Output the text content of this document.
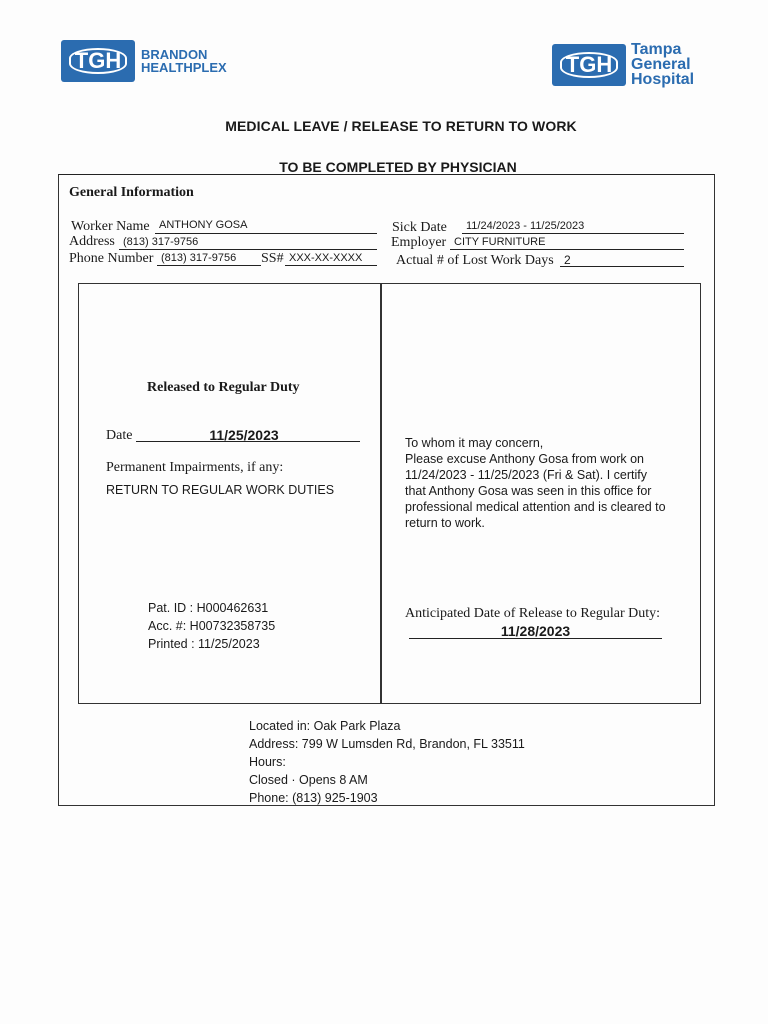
TGH	BRANDON
HEALTHPLEX	TGH
Tampa
General
Hospital
MEDICAL LEAVE / RELEASE TO RETURN TO WORK
TO BE COMPLETED BY PHYSICIAN
General Information
Worker Name ANTHONY GOSA
Address (813) 317-9756
Phone Number (813) 317-9756	SS# XXX-XX-XXXX
Sick Date	11/24/2023 - 11/25/2023
Employer CITY FURNITURE
Actual # of Lost Work Days 2
Released to Regular Duty
Date	11/25/2023
Permanent Impairments, if any:
RETURN TO REGULAR WORK DUTIES
Pat. ID : H000462631
Acc. #: H00732358735
Printed : 11/25/2023
To whom it may concern,
Please excuse Anthony Gosa from work on
11/24/2023 - 11/25/2023 (Fri & Sat). I certify
that Anthony Gosa was seen in this office for
professional medical attention and is cleared to
return to work.
Anticipated Date of Release to Regular Duty:
11/28/2023
Located in: Oak Park Plaza
Address: 799 W Lumsden Rd, Brandon, FL 33511
Hours:
Closed · Opens 8 AM
Phone: (813) 925-1903
